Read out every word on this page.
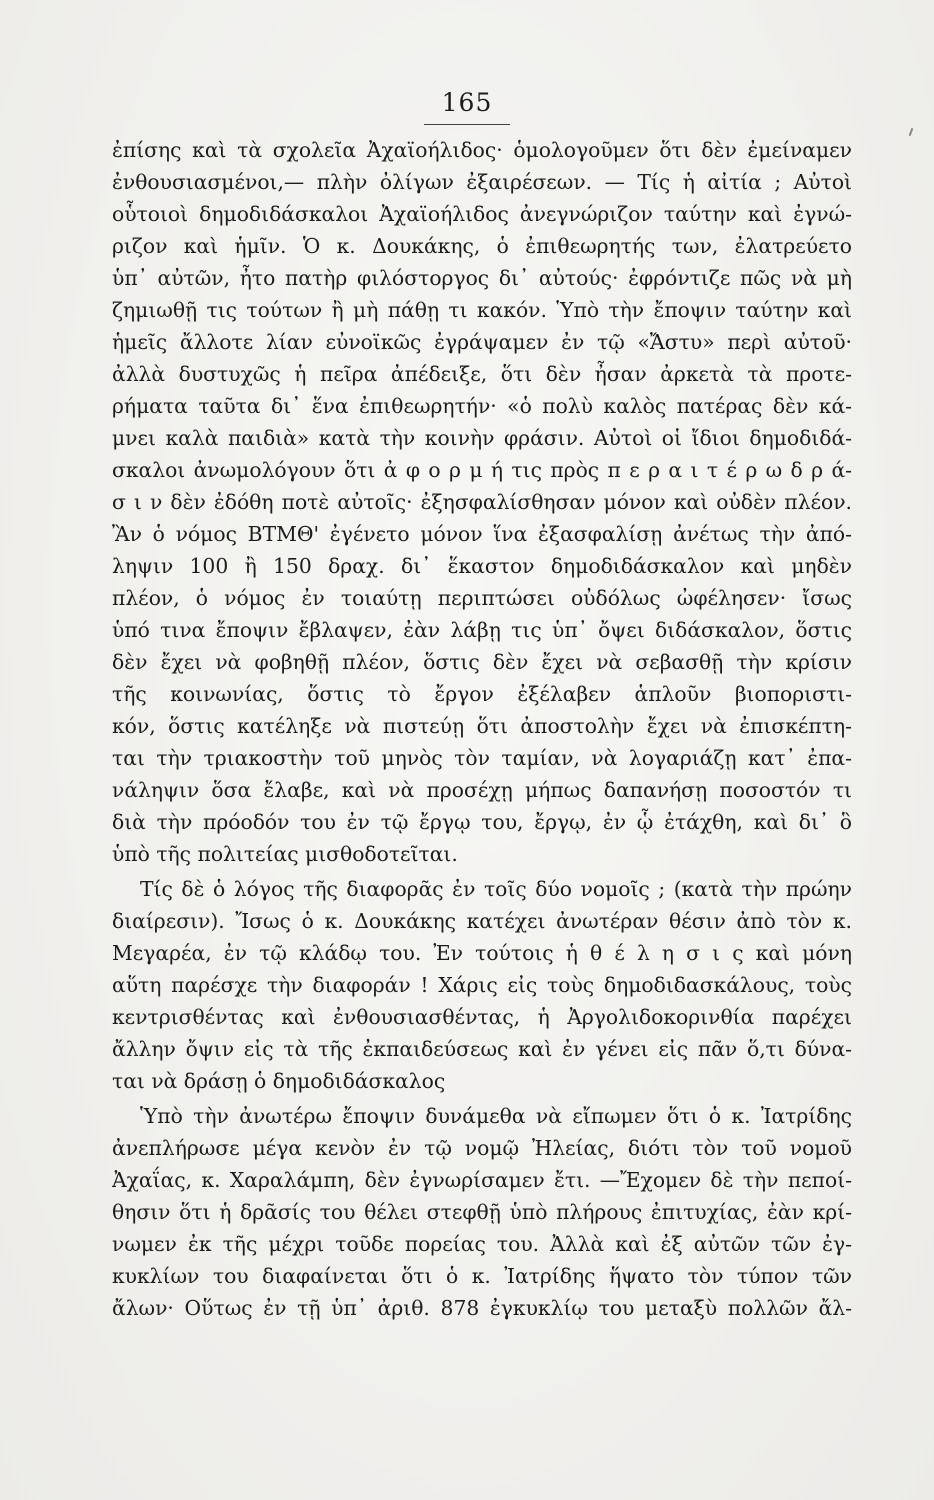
165
ἐπίσης καὶ τὰ σχολεῖα Ἀχαϊοήλιδος· ὁμολογοῦμεν ὅτι δὲν ἐμείναμεν
ἐνθουσιασμένοι,— πλὴν ὀλίγων ἐξαιρέσεων. — Τίς ἡ αἰτία ; Αὐτοὶ
οὗτοιοὶ δημοδιδάσκαλοι Ἀχαϊοήλιδος ἀνεγνώριζον ταύτην καὶ ἐγνώ-
ριζον καὶ ἡμῖν. Ὁ κ. Δουκάκης, ὁ ἐπιθεωρητής των, ἐλατρεύετο
ὑπ᾽ αὐτῶν, ἦτο πατὴρ φιλόστοργος δι᾽ αὐτούς· ἐφρόντιζε πῶς νὰ μὴ
ζημιωθῇ τις τούτων ἢ μὴ πάθῃ τι κακόν. Ὑπὸ τὴν ἔποψιν ταύτην καὶ
ἡμεῖς ἄλλοτε λίαν εὐνοϊκῶς ἐγράψαμεν ἐν τῷ «Ἄστυ» περὶ αὐτοῦ·
ἀλλὰ δυστυχῶς ἡ πεῖρα ἀπέδειξε, ὅτι δὲν ἦσαν ἀρκετὰ τὰ προτε-
ρήματα ταῦτα δι᾽ ἕνα ἐπιθεωρητήν· «ὁ πολὺ καλὸς πατέρας δὲν κά-
μνει καλὰ παιδιὰ» κατὰ τὴν κοινὴν φράσιν. Αὐτοὶ οἱ ἴδιοι δημοδιδά-
σκαλοι ἀνωμολόγουν ὅτι ἀ φ ο ρ μ ή τις πρὸς π ε ρ α ι τ έ ρ ω δ ρ ά-
σ ι ν δὲν ἐδόθη ποτὲ αὐτοῖς· ἐξησφαλίσθησαν μόνον καὶ οὐδὲν πλέον.
Ἂν ὁ νόμος ΒΤΜΘ' ἐγένετο μόνον ἵνα ἐξασφαλίσῃ ἀνέτως τὴν ἀπό-
ληψιν 100 ἢ 150 δραχ. δι᾽ ἕκαστον δημοδιδάσκαλον καὶ μηδὲν
πλέον, ὁ νόμος ἐν τοιαύτῃ περιπτώσει οὐδόλως ὠφέλησεν· ἴσως
ὑπό τινα ἔποψιν ἔβλαψεν, ἐὰν λάβῃ τις ὑπ᾽ ὄψει διδάσκαλον, ὅστις
δὲν ἔχει νὰ φοβηθῇ πλέον, ὅστις δὲν ἔχει νὰ σεβασθῇ τὴν κρίσιν
τῆς κοινωνίας, ὅστις τὸ ἔργον ἐξέλαβεν ἁπλοῦν βιοποριστι-
κόν, ὅστις κατέληξε νὰ πιστεύῃ ὅτι ἀποστολὴν ἔχει νὰ ἐπισκέπτη-
ται τὴν τριακοστὴν τοῦ μηνὸς τὸν ταμίαν, νὰ λογαριάζῃ κατ᾽ ἐπα-
νάληψιν ὅσα ἔλαβε, καὶ νὰ προσέχῃ μήπως δαπανήσῃ ποσοστόν τι
διὰ τὴν πρόοδόν του ἐν τῷ ἔργῳ του, ἔργῳ, ἐν ᾧ ἐτάχθη, καὶ δι᾽ ὃ
ὑπὸ τῆς πολιτείας μισθοδοτεῖται.
Τίς δὲ ὁ λόγος τῆς διαφορᾶς ἐν τοῖς δύο νομοῖς ; (κατὰ τὴν πρώην
διαίρεσιν). Ἴσως ὁ κ. Δουκάκης κατέχει ἀνωτέραν θέσιν ἀπὸ τὸν κ.
Μεγαρέα, ἐν τῷ κλάδῳ του. Ἐν τούτοις ἡ θ έ λ η σ ι ς καὶ μόνη
αὕτη παρέσχε τὴν διαφοράν ! Χάρις εἰς τοὺς δημοδιδασκάλους, τοὺς
κεντρισθέντας καὶ ἐνθουσιασθέντας, ἡ Ἀργολιδοκορινθία παρέχει
ἄλλην ὄψιν εἰς τὰ τῆς ἐκπαιδεύσεως καὶ ἐν γένει εἰς πᾶν ὅ,τι δύνα-
ται νὰ δράσῃ ὁ δημοδιδάσκαλος
Ὑπὸ τὴν ἀνωτέρω ἔποψιν δυνάμεθα νὰ εἴπωμεν ὅτι ὁ κ. Ἰατρίδης
ἀνεπλήρωσε μέγα κενὸν ἐν τῷ νομῷ Ἠλείας, διότι τὸν τοῦ νομοῦ
Ἀχαΐας, κ. Χαραλάμπη, δὲν ἐγνωρίσαμεν ἔτι. —Ἔχομεν δὲ τὴν πεποί-
θησιν ὅτι ἡ δρᾶσίς του θέλει στεφθῇ ὑπὸ πλήρους ἐπιτυχίας, ἐὰν κρί-
νωμεν ἐκ τῆς μέχρι τοῦδε πορείας του. Ἀλλὰ καὶ ἐξ αὐτῶν τῶν ἐγ-
κυκλίων του διαφαίνεται ὅτι ὁ κ. Ἰατρίδης ἥψατο τὸν τύπον τῶν
ἄλων· Οὕτως ἐν τῇ ὑπ᾽ ἀριθ. 878 ἐγκυκλίῳ του μεταξὺ πολλῶν ἄλ-
